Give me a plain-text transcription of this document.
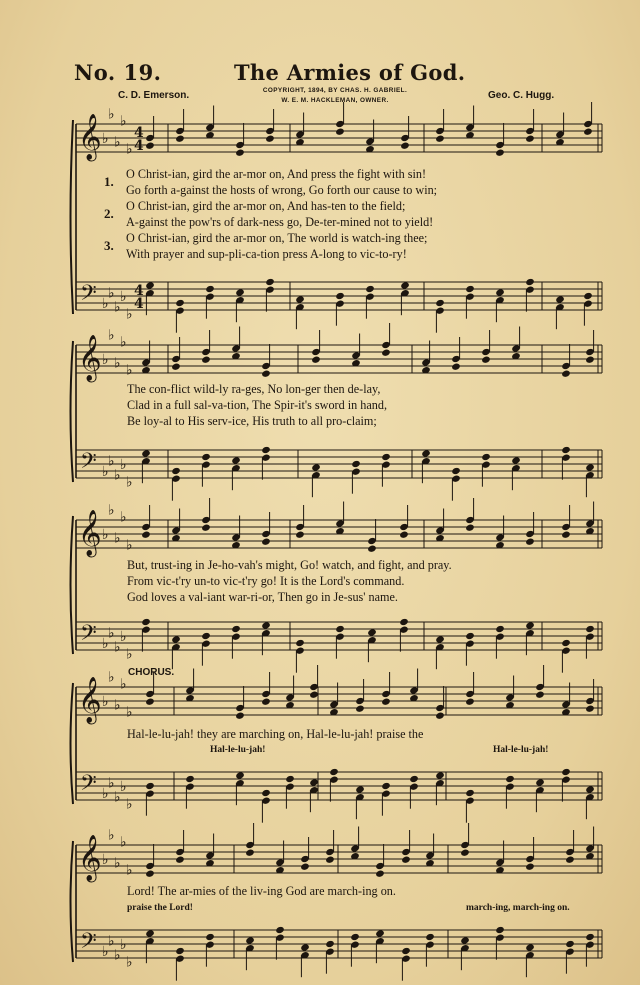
No. 19.	The Armies of God.
C. D. Emerson.	COPYRIGHT, 1894, BY CHAS. H. GABRIEL.
W. E. M. HACKLEMAN, OWNER.	Geo. C. Hugg.
𝄞
𝄢
♭
♭
♭
♭
♭
♭
♭
♭
♭
♭
4
4
4
4
𝄞
𝄢
♭
♭
♭
♭
♭
♭
♭
♭
♭
♭
𝄞
𝄢
♭
♭
♭
♭
♭
♭
♭
♭
♭
♭
𝄞
𝄢
♭
♭
♭
♭
♭
♭
♭
♭
♭
♭
𝄞
𝄢
♭
♭
♭
♭
♭
♭
♭
♭
♭
♭
1.
2.
3.
O Christ-ian, gird the ar-mor on, And press the fight with sin!
Go forth a-gainst the hosts of wrong, Go forth our cause to win;
O Christ-ian, gird the ar-mor on, And has-ten to the field;
A-gainst the pow'rs of dark-ness go, De-ter-mined not to yield!
O Christ-ian, gird the ar-mor on, The world is watch-ing thee;
With prayer and sup-pli-ca-tion press A-long to vic-to-ry!
The con-flict wild-ly ra-ges, No lon-ger then de-lay,
Clad in a full sal-va-tion, The Spir-it's sword in hand,
Be loy-al to His serv-ice, His truth to all pro-claim;
But, trust-ing in Je-ho-vah's might, Go! watch, and fight, and pray.
From vic-t'ry un-to vic-t'ry go! It is the Lord's command.
God loves a val-iant war-ri-or, Then go in Je-sus' name.
CHORUS.
Hal-le-lu-jah! they are marching on, Hal-le-lu-jah! praise the
Hal-le-lu-jah!	Hal-le-lu-jah!
Lord! The ar-mies of the liv-ing God are march-ing on.
praise the Lord!	march-ing, march-ing on.
